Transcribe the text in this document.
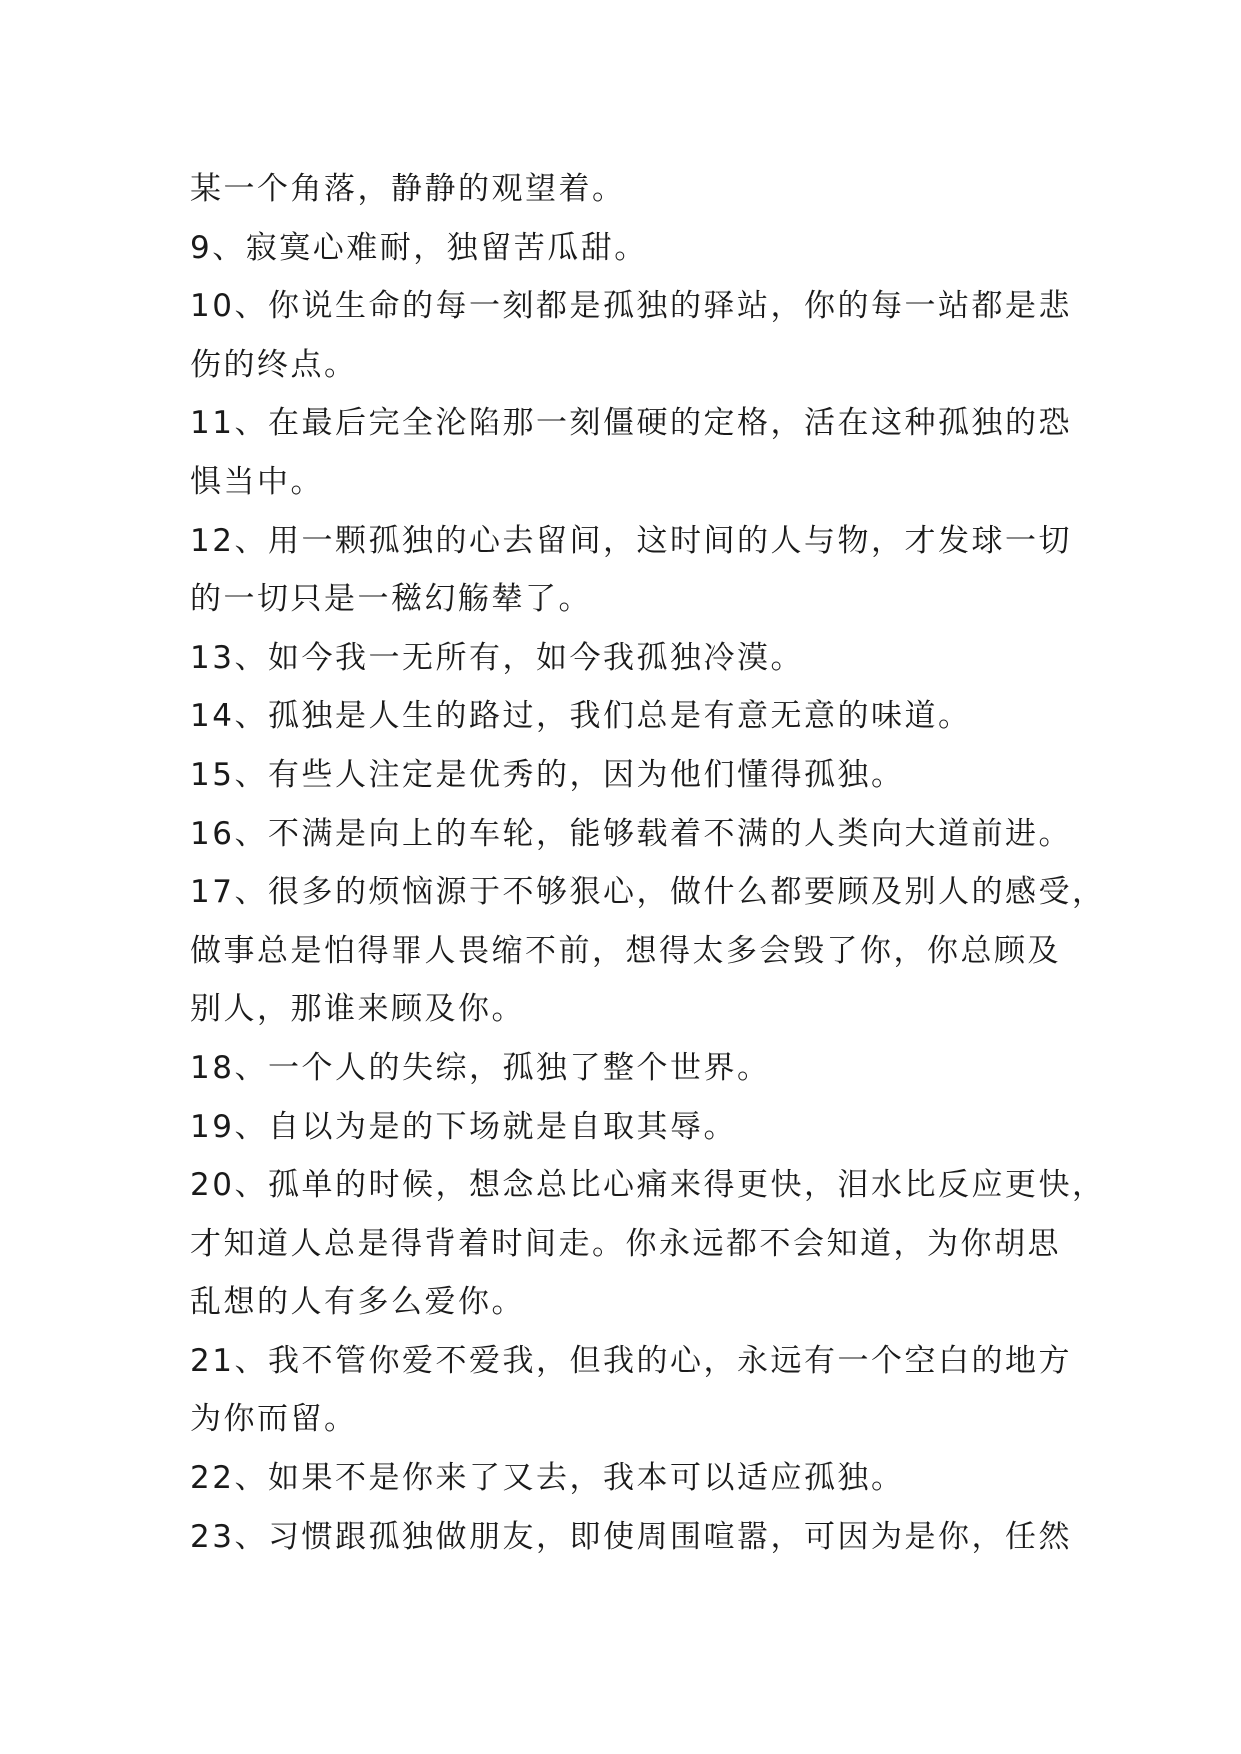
某一个角落，静静的观望着。
9、寂寞心难耐，独留苦瓜甜。
10、你说生命的每一刻都是孤独的驿站，你的每一站都是悲
伤的终点。
11、在最后完全沦陷那一刻僵硬的定格，活在这种孤独的恐
惧当中。
12、用一颗孤独的心去留间，这时间的人与物，才发球一切
的一切只是一稵幻觞辇了。
13、如今我一无所有，如今我孤独冷漠。
14、孤独是人生的路过，我们总是有意无意的味道。
15、有些人注定是优秀的，因为他们懂得孤独。
16、不满是向上的车轮，能够载着不满的人类向大道前进。
17、很多的烦恼源于不够狠心，做什么都要顾及别人的感受，
做事总是怕得罪人畏缩不前，想得太多会毁了你，你总顾及
别人，那谁来顾及你。
18、一个人的失综，孤独了整个世界。
19、自以为是的下场就是自取其辱。
20、孤单的时候，想念总比心痛来得更快，泪水比反应更快，
才知道人总是得背着时间走。你永远都不会知道，为你胡思
乱想的人有多么爱你。
21、我不管你爱不爱我，但我的心，永远有一个空白的地方
为你而留。
22、如果不是你来了又去，我本可以适应孤独。
23、习惯跟孤独做朋友，即使周围喧嚣，可因为是你，任然
